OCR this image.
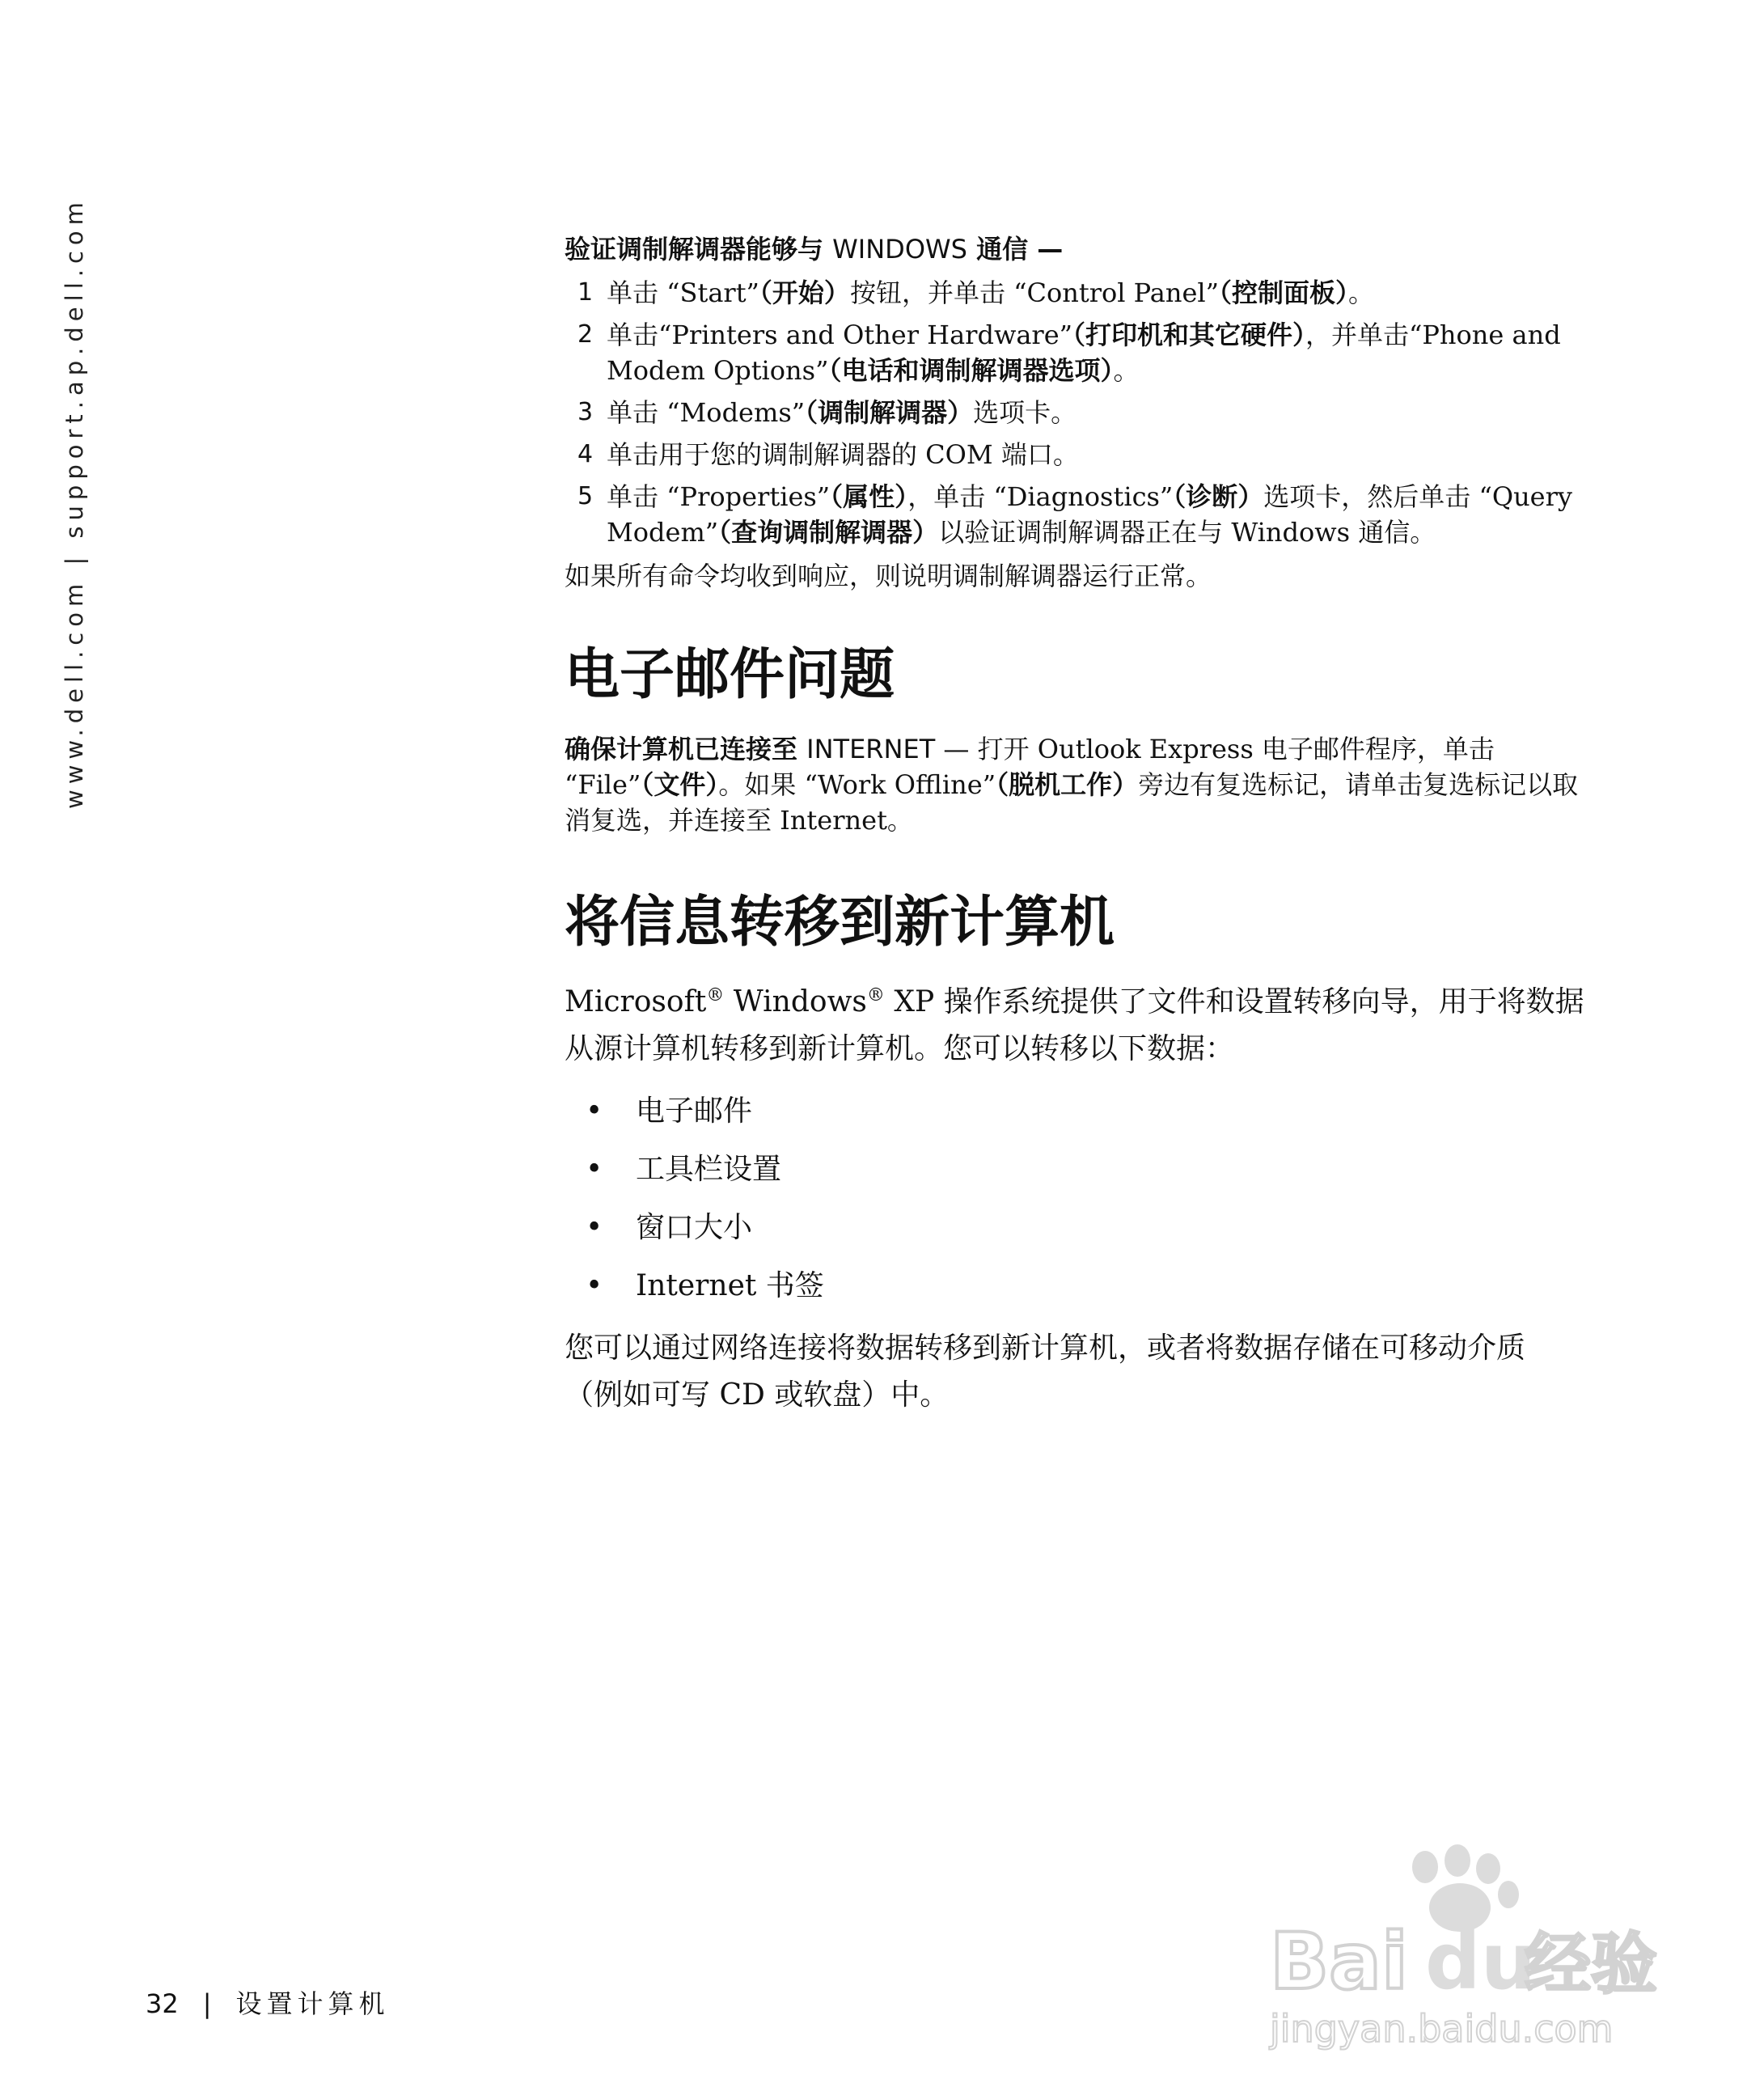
www.dell.com | support.ap.dell.com	验证调制解调器能够与 WINDOWS 通信 —
1 单击 “Start”（开始）按钮，并单击 “Control Panel”（控制面板）。
2 单击“Printers and Other Hardware”（打印机和其它硬件），并单击“Phone and Modem Options”（电话和调制解调器选项）。
3 单击 “Modems”（调制解调器）选项卡。
4 单击用于您的调制解调器的 COM 端口。
5 单击 “Properties”（属性），单击 “Diagnostics”（诊断）选项卡，然后单击 “Query Modem”（查询调制解调器）以验证调制解调器正在与 Windows 通信。

如果所有命令均收到响应，则说明调制解调器运行正常。

电子邮件问题

确保计算机已连接至 INTERNET — 打开 Outlook Express 电子邮件程序，单击 “File”（文件）。如果 “Work Offline”（脱机工作）旁边有复选标记，请单击复选标记以取消复选，并连接至 Internet。

将信息转移到新计算机

Microsoft® Windows® XP 操作系统提供了文件和设置转移向导，用于将数据从源计算机转移到新计算机。您可以转移以下数据：

• 电子邮件
• 工具栏设置
• 窗口大小
• Internet 书签

您可以通过网络连接将数据转移到新计算机，或者将数据存储在可移动介质 （例如可写 CD 或软盘）中。

32 | 设置计算机	Bai du
经验
jingyan.baidu.com
